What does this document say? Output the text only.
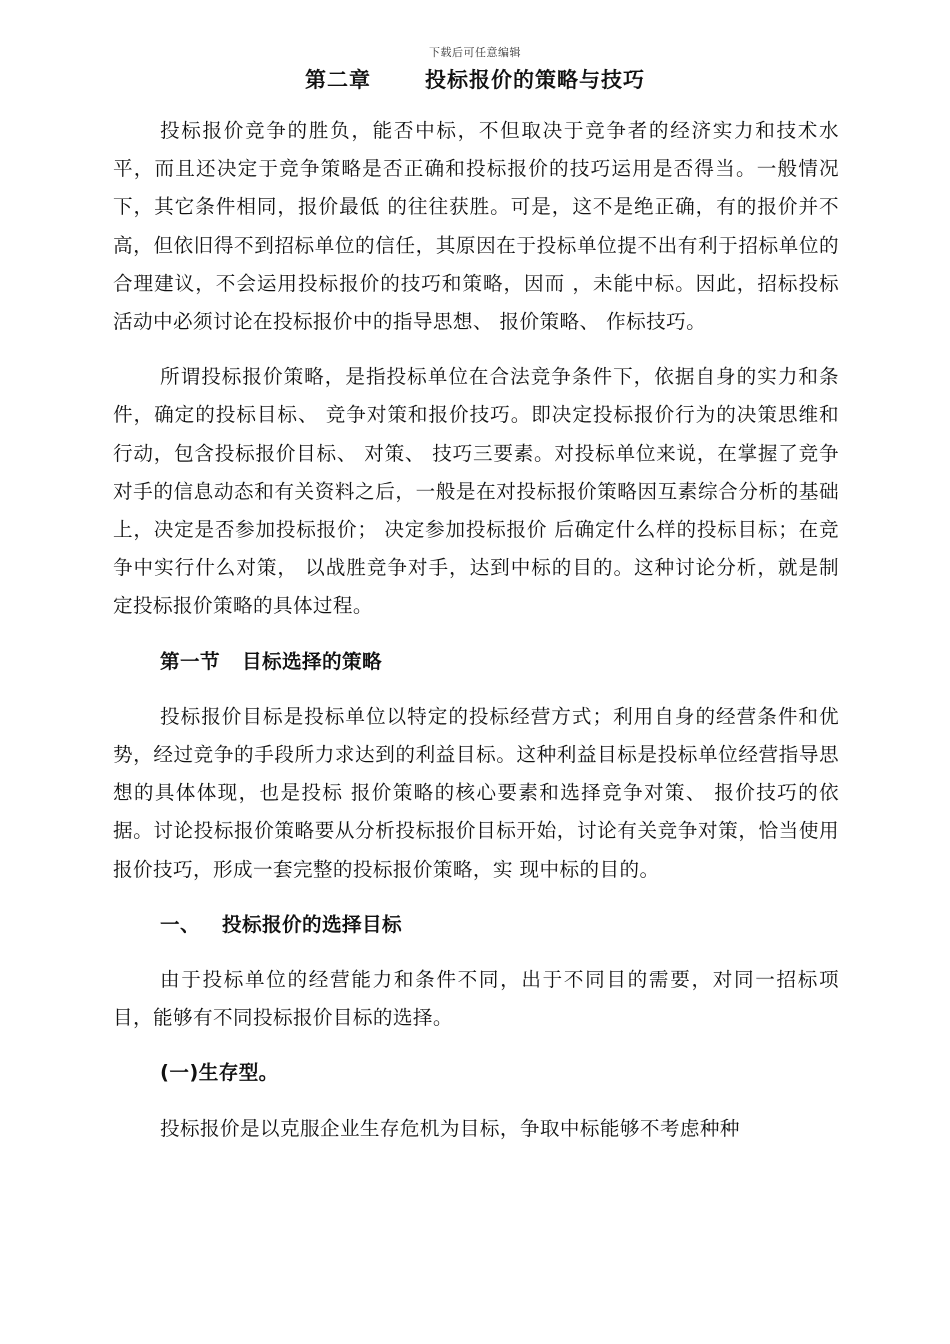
下载后可任意编辑
第二章	投标报价的策略与技巧

投标报价竞争的胜负，能否中标，不但取决于竞争者的经济实力和技术水平，而且还决定于竞争策略是否正确和投标报价的技巧运用是否得当。一般情况下，其它条件相同，报价最低 的往往获胜。可是，这不是绝正确，有的报价并不高，但依旧得不到招标单位的信任，其原因在于投标单位提不出有利于招标单位的合理建议，不会运用投标报价的技巧和策略，因而 ，未能中标。因此，招标投标活动中必须讨论在投标报价中的指导思想、 报价策略、 作标技巧。

所谓投标报价策略，是指投标单位在合法竞争条件下，依据自身的实力和条件，确定的投标目标、 竞争对策和报价技巧。即决定投标报价行为的决策思维和行动，包含投标报价目标、 对策、 技巧三要素。对投标单位来说，在掌握了竞争对手的信息动态和有关资料之后，一般是在对投标报价策略因互素综合分析的基础上，决定是否参加投标报价； 决定参加投标报价 后确定什么样的投标目标；在竞争中实行什么对策， 以战胜竞争对手，达到中标的目的。这种讨论分析，就是制定投标报价策略的具体过程。

第一节 目标选择的策略

投标报价目标是投标单位以特定的投标经营方式；利用自身的经营条件和优势，经过竞争的手段所力求达到的利益目标。这种利益目标是投标单位经营指导思想的具体体现，也是投标 报价策略的核心要素和选择竞争对策、 报价技巧的依据。讨论投标报价策略要从分析投标报价目标开始，讨论有关竞争对策，恰当使用报价技巧，形成一套完整的投标报价策略，实 现中标的目的。

一、 投标报价的选择目标

由于投标单位的经营能力和条件不同，出于不同目的需要，对同一招标项目，能够有不同投标报价目标的选择。

(一)生存型。

投标报价是以克服企业生存危机为目标，争取中标能够不考虑种种
